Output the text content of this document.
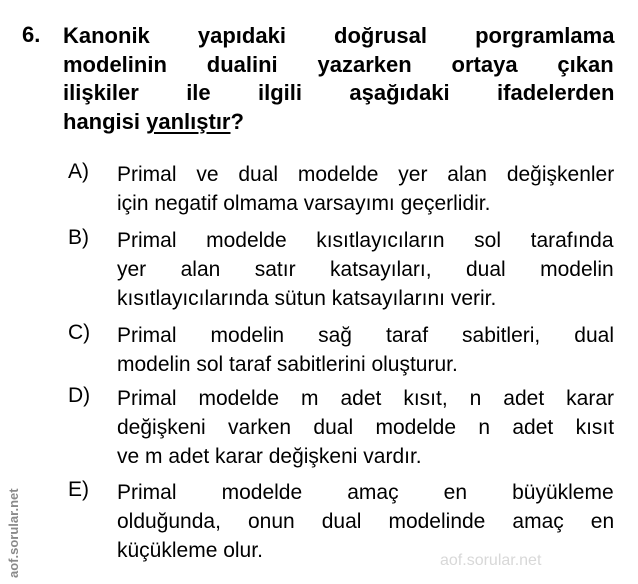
6. Kanonik yapıdaki doğrusal porgramlama
modelinin dualini yazarken ortaya çıkan
ilişkiler ile ilgili aşağıdaki ifadelerden
hangisi yanlıştır?
A) Primal ve dual modelde yer alan değişkenler
için negatif olmama varsayımı geçerlidir.
B) Primal modelde kısıtlayıcıların sol tarafında
yer alan satır katsayıları, dual modelin
kısıtlayıcılarında sütun katsayılarını verir.
C) Primal modelin sağ taraf sabitleri, dual
modelin sol taraf sabitlerini oluşturur.
D) Primal modelde m adet kısıt, n adet karar
değişkeni varken dual modelde n adet kısıt
ve m adet karar değişkeni vardır.
E) Primal modelde amaç en büyükleme
olduğunda, onun dual modelinde amaç en
küçükleme olur.	aof.sorular.net
aof.sorular.net
